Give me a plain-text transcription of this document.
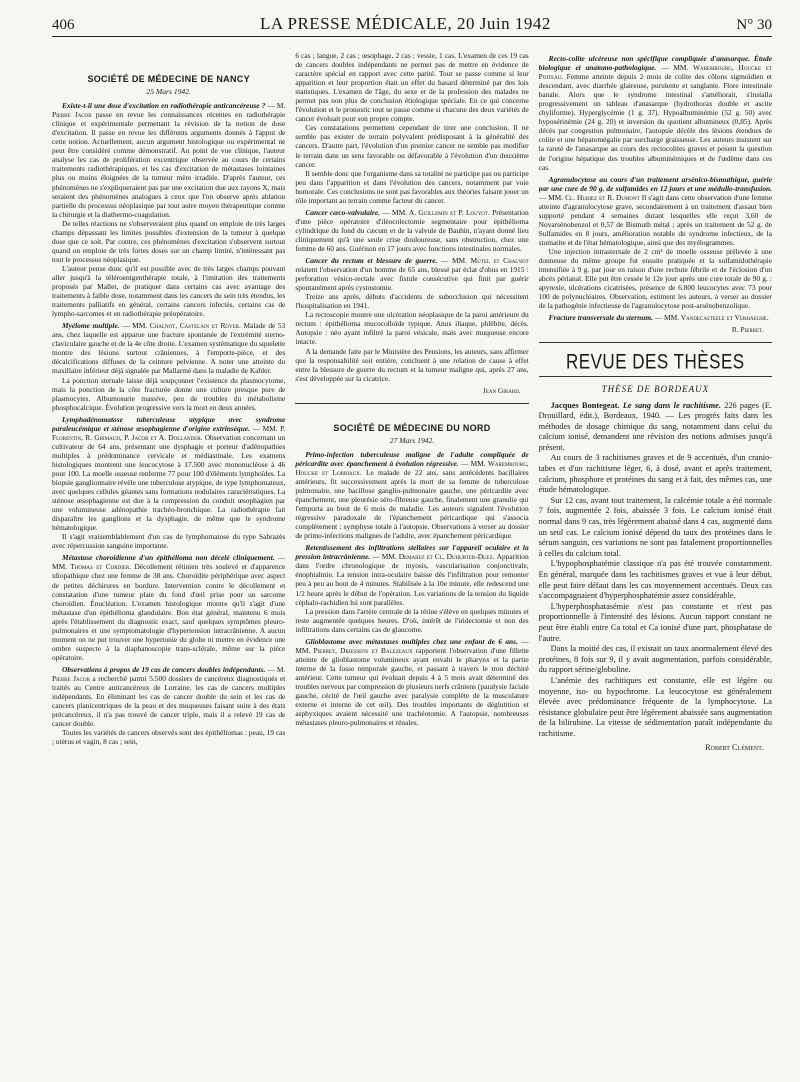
406	LA PRESSE MÉDICALE, 20 Juin 1942	N° 30
SOCIÉTÉ DE MÉDECINE DE NANCY
25 Mars 1942.

Existe-t-il une dose d'excitation en radiothérapie anticancéreuse ? — M. Pierre Jacob passe en revue les connaissances récentes en radiothérapie clinique et expérimentale permettant la révision de la notion de dose d'excitation. Il passe en revue les différents arguments donnés à l'appui de cette notion. Actuellement, aucun argument histologique ou expérimental ne peut être considéré comme démonstratif. Au point de vue clinique, l'auteur analyse les cas de prolifération excentrique observée au cours de certains traitements radiothérapiques, et les cas d'excitation de métastases lointaines plus ou moins éloignées de la tumeur mère irradiée. D'après l'auteur, ces phénomènes ne s'expliqueraient pas par une excitation due aux rayons X, mais seraient des phénomènes analogues à ceux que l'on observe après ablation partielle du processus néoplasique par tout autre moyen thérapeutique comme la chirurgie et la diathermo-coagulation.

De telles réactions ne s'observeraient plus quand on emploie de très larges champs dépassant les limites possibles d'extension de la tumeur à quelque dose que ce soit. Par contre, ces phénomènes d'excitation s'observent surtout quand on emploie de très fortes doses sur un champ limité, n'intéressant pas tout le processus néoplasique.

L'auteur pense donc qu'il est possible avec de très larges champs pouvant aller jusqu'à la téléroentgenthérapie totale, à l'imitation des traitements proposés par Mallet, de pratiquer dans certains cas avec avantage des traitements à faible dose, notamment dans les cancers du sein très étendus, les traitements palliatifs en général, certains cancers infectés, certains cas de lympho-sarcomes et en radiothérapie préopératoire.

Myélome multiple. — MM. Chalnot, Castelain et Royer. Malade de 53 ans, chez laquelle est apparue une fracture spontanée de l'extrémité sterno-claviculaire gauche et de la 4e côte droite. L'examen systématique du squelette montre des lésions surtout crâniennes, à l'emporte-pièce, et des décalcifications diffuses de la ceinture pelvienne. A noter une atteinte du maxillaire inférieur déjà signalée par Mallarmé dans la maladie de Kahler.

La ponction sternale laisse déjà soupçonner l'existence du plasmocytome, mais la ponction de la côte fracturée donne une culture presque pure de plasmocytes. Albumosurie massive, peu de troubles du métabolisme phosphocalcique. Évolution progressive vers la mort en deux années.

Lymphadénomatose tuberculeuse atypique avec syndrome paraleucémique et sténose œsophagienne d'origine extrinsèque. — MM. P. Florentin, R. Grimaud, P. Jacob et A. Dollander. Observation concernant un cultivateur de 64 ans, présentant une dysphagie et porteur d'adénopathies multiples à prédominance cervicale et médiastinale. Les examens histologiques montrent une leucocytose à 17.500 avec mononucléose à 46 pour 100. La moelle osseuse renferme 77 pour 100 d'éléments lymphoïdes. La biopsie ganglionnaire révèle une tuberculose atypique, de type lymphomateux, avec quelques cellules géantes sans formations nodulaires caractéristiques. La sténose œsophagienne est due à la compression du conduit œsophagien par une volumineuse adénopathie trachéo-bronchique. La radiothérapie fait disparaître les ganglions et la dysphagie, de même que le syndrome hématologique.

Il s'agit vraisemblablement d'un cas de lymphomatose du type Sabrazès avec répercussion sanguine importante.

Métastase choroïdienne d'un épithélioma non décelé cliniquement. — MM. Thomas et Cordier. Décollement rétinien très soulevé et d'apparence idiopathique chez une femme de 38 ans. Choroïdite périphérique avec aspect de petites déchirures en bordure. Intervention contre le décollement et constatation d'une tumeur plate du fond d'œil prise pour un sarcome choroïdien. Énucléation. L'examen histologique montre qu'il s'agit d'une métastase d'un épithélioma glandulaire. Bon état général, maintenu 6 mois après l'établissement du diagnostic exact, sauf quelques symptômes pleuro-pulmonaires et une symptomatologie d'hypertension intracrânienne. A aucun moment on ne put trouver une hypertonie du globe ni mettre en évidence une ombre suspecte à la diaphanoscopie trans-sclérale, même sur la pièce opératoire.

Observations à propos de 19 cas de cancers doubles indépendants. — M. Pierre Jacob a recherché parmi 5.500 dossiers de cancéreux diagnostiqués et traités au Centre anticancéreux de Lorraine, les cas de cancers multiples indépendants. En éliminant les cas de cancer double du sein et les cas de cancers planicentriques de la peau et des muqueuses faisant suite à des états précancéreux, il n'a pas trouvé de cancer triple, mais il a relevé 19 cas de cancer double.

Toutes les variétés de cancers observés sont des épithéliomas : peau, 19 cas ; utérus et vagin, 8 cas ; sein,

6 cas ; langue, 2 cas ; œsophage, 2 cas ; vessie, 1 cas. L'examen de ces 19 cas de cancers doubles indépendants ne permet pas de mettre en évidence de caractère spécial en rapport avec cette parité. Tout se passe comme si leur apparition et leur proportion était un effet du hasard déterminé par des lois statistiques. L'examen de l'âge, du sexe et de la profession des malades ne permet pas non plus de conclusion étiologique spéciale. En ce qui concerne l'évolution et le pronostic tout se passe comme si chacune des deux variétés de cancer évoluait pour son propre compte.

Ces constatations permettent cependant de tirer une conclusion. Il ne semble pas exister de terrain polyvalent prédisposant à la généralité des cancers. D'autre part, l'évolution d'un premier cancer ne semble pas modifier le terrain dans un sens favorable ou défavorable à l'évolution d'un deuxième cancer.

Il semble donc que l'organisme dans sa totalité ne participe pas ou participe peu dans l'apparition et dans l'évolution des cancers, notamment par voie humorale. Ces conclusions ne sont pas favorables aux théories faisant jouer un rôle important au terrain comme facteur du cancer.

Cancer cæco-valvulaire. — MM. A. Guillemin et P. Louyot. Présentation d'une pièce opératoire d'iléocolectomie segmentaire pour épithélioma cylindrique du fond du cæcum et de la valvule de Bauhin, n'ayant donné lieu cliniquement qu'à une seule crise douloureuse, sans obstruction, chez une femme de 60 ans. Guérison en 17 jours avec fonctions intestinales normales.

Cancer du rectum et blessure de guerre. — MM. Mutel et Chalnot relatent l'observation d'un homme de 65 ans, blessé par éclat d'obus en 1915 : perforation vésico-rectale avec fistule consécutive qui finit par guérir spontanément après cystostomie.

Treize ans après, débuts d'accidents de subocclusion qui nécessitent l'hospitalisation en 1941.

La rectoscopie montre une ulcération néoplasique de la paroi antérieure du rectum : épithélioma mucocolloïde typique. Anus iliaque, phlébite, décès. Autopsie : néo ayant infiltré la paroi vésicale, mais avec muqueuse encore intacte.

A la demande faite par le Ministère des Pensions, les auteurs, sans affirmer que la responsabilité soit entière, concluent à une relation de cause à effet entre la blessure de guerre du rectum et la tumeur maligne qui, après 27 ans, s'est développée sur la cicatrice.

Jean Girard.
SOCIÉTÉ DE MÉDECINE DU NORD
27 Mars 1942.

Primo-infection tuberculeuse maligne de l'adulte compliquée de péricardite avec épanchement à évolution régressive. — MM. Warembourg, Houcke et Lorriaux. Le malade de 22 ans, sans antécédents bacillaires antérieurs, fit successivement après la mort de sa femme de tuberculose pulmonaire, une bacillose ganglio-pulmonaire gauche, une péricardite avec épanchement, une pleurésie séro-fibreuse gauche, finalement une granulie qui l'emporta au bout de 6 mois de maladie. Les auteurs signalent l'évolution régressive paradoxale de l'épanchement péricardique qui s'associa complètement : symphyse totale à l'autopsie. Observations à verser au dossier de primo-infections malignes de l'adulte, avec épanchement péricardique.

Retentissement des infiltrations stellaires sur l'appareil oculaire et la pression intracrânienne. — MM. Demarez et Cl. Duhurter-Duez. Apparition dans l'ordre chronologique de myosis, vascularisation conjonctivale, énophtalmie. La tension intra-oculaire baisse dès l'infiltration pour remonter peu à peu au bout de 4 minutes. Stabilisée à la 10e minute, elle redescend une 1/2 heure après le début de l'opération. Les variations de la tension du liquide céphalo-rachidien lui sont parallèles.

La pression dans l'artère centrale de la rétine s'élève en quelques minutes et reste augmentée quelques heures. D'où, intérêt de l'iridectomie et non des infiltrations dans certains cas de glaucome.

Glioblastome avec métastases multiples chez une enfant de 6 ans. — MM. Pierret, Driessens et Balezeaux rapportent l'observation d'une fillette atteinte de glioblastome volumineux ayant envahi le pharynx et la partie interne de la fosse temporale gauche, et passant à travers le trou déchiré antérieur. Cette tumeur qui évoluait depuis 4 à 5 mois avait déterminé des troubles nerveux par compression de plusieurs nerfs crâniens (paralysie faciale gauche, cécité de l'œil gauche avec paralysie complète de la musculature externe et interne de cet œil). Des troubles importants de déglutition et asphyxiques avaient nécessité une trachéotomie. A l'autopsie, nombreuses métastases pleuro-pulmonaires et rénales.

Recto-colite ulcéreuse non spécifique compliquée d'anasarque. Étude biologique et anatomo-pathologique. — MM. Warembourg, Houcke et Poiteau. Femme atteinte depuis 2 mois de colite des côlons sigmoïdien et descendant, avec diarrhée glaireuse, purulente et sanglante. Flore intestinale banale. Alors que le syndrome intestinal s'améliorait, s'installa progressivement un tableau d'anasarque (hydrothorax double et ascite chyliforme). Hyperglycémie (1 g. 37). Hypoalbuminémie (52 g. 50) avec hyposérinémie (24 g. 20) et inversion du quotient albumineux (0,85). Après décès par congestion pulmonaire, l'autopsie décèle des lésions étendues de colite et une hépatomégalie par surcharge graisseuse. Les auteurs insistent sur la rareté de l'anasarque au cours des rectocolites graves et posent la question de l'origine hépatique des troubles albuminémiques et de l'œdème dans ces cas.

Agranulocytose au cours d'un traitement arsénico-bismuthique, guérie par une cure de 90 g. de sulfamides en 12 jours et une médullo-transfusion. — MM. Cl. Huriez et R. Dumont Il s'agit dans cette observation d'une femme atteinte d'agranulocytose grave, secondairement à un traitement d'assaut bien supporté pendant 4 semaines durant lesquelles elle reçut 3,60 de Novarsénobenzol et 0,57 de Bismuth métal ; après un traitement de 52 g. de Sulfamides en 8 jours, amélioration notable du syndrome infectieux, de la stomatite et de l'état hématologique, ainsi que des myélogrammes.

Une injection intrasternale de 2 cm³ de moelle osseuse prélevée à une donneuse du même groupe fut ensuite pratiquée et la sulfamidothérapie intensifiée à 9 g. par jour en raison d'une rechute fébrile et de l'éclosion d'un abcès périanal. Elle put être cessée le 12e jour après une cure totale de 90 g. : apyrexie, ulcérations cicatrisées, présence de 6.800 leucocytes avec 73 pour 100 de polynucléaires. Observation, estiment les auteurs, à verser au dossier de la pathogénie infectieuse de l'agranulocytose post-arsénobenzolique.

Fracture transversale du sternum. — MM. Vandecasteele et Verhaeghe.

R. Pierret.
REVUE DES THÈSES
THÈSE DE BORDEAUX

Jacques Bontegeat. Le sang dans le rachitisme. 226 pages (E. Drouillard, édit.), Bordeaux, 1940. — Les progrès faits dans les méthodes de dosage chimique du sang, notamment dans celui du calcium ionisé, demandent une révision des notions admises jusqu'à présent.

Au cours de 3 rachitismes graves et de 9 accentués, d'un cranio-tabes et d'un rachitisme léger, 6, à dosé, avant et après traitement, calcium, phosphore et protéines du sang et à fait, des mêmes cas, une étude hématologique.

Sur 12 cas, avant tout traitement, la calcémie totale a été normale 7 fois, augmentée 2 fois, abaissée 3 fois. Le calcium ionisé était normal dans 9 cas, très légèrement abaissé dans 4 cas, augmenté dans un seul cas. Le calcium ionisé dépend du taux des protéines dans le sérum sanguin, ces variations ne sont pas fatalement proportionnelles à celles du calcium total.

L'hypophosphatémie classique n'a pas été trouvée constamment. En général, marquée dans les rachitismes graves et vue à leur début, elle peut faire défaut dans les cas moyennement accentués. Deux cas s'accompagnaient d'hyperphosphatémie assez considérable.

L'hyperphosphatasémie n'est pas constante et n'est pas proportionnelle à l'intensité des lésions. Aucun rapport constant ne peut être établi entre Ca total et Ca ionisé d'une part, phosphatase de l'autre.

Dans la moitié des cas, il existait un taux anormalement élevé des protéines, 8 fois sur 9, il y avait augmentation, parfois considérable, du rapport sérine/globuline.

L'anémie des rachitiques est constante, elle est légère ou moyenne, iso- ou hypochrome. La leucocytose est généralement élevée avec prédominance fréquente de la lymphocytose. La résistance globulaire peut être légèrement abaissée sans augmentation de la bilirubine. La vitesse de sédimentation paraît indépendante du rachitisme.

Robert Clément.
